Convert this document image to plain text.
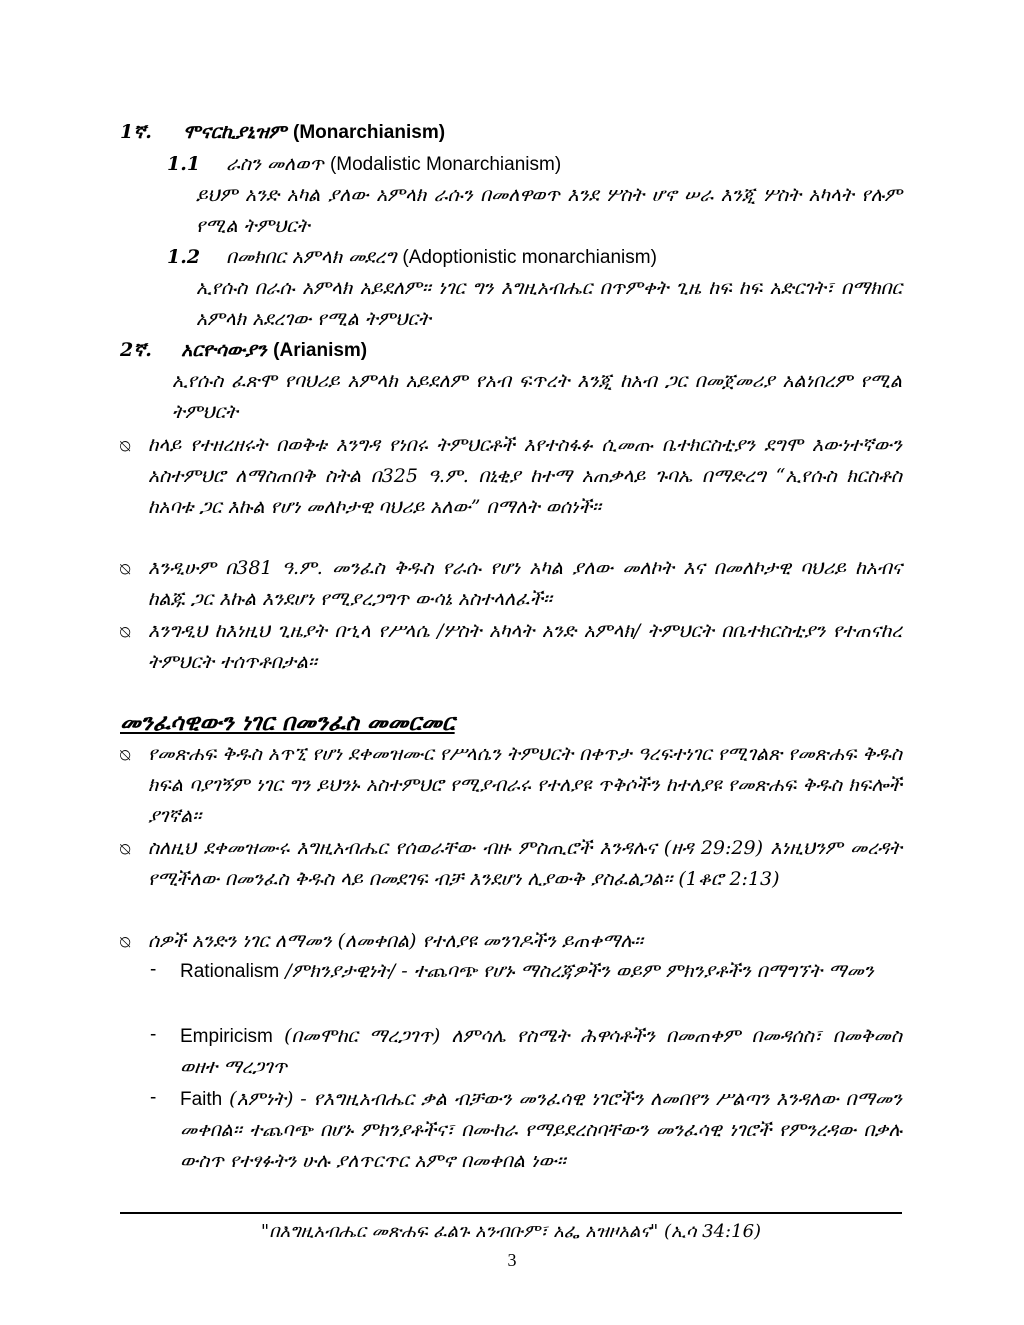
1ኛ. ሞናርኪያኒዝም (Monarchianism)
1.1 ራስን መለወጥ (Modalistic Monarchianism)
ይህም አንድ አካል ያለው አምላክ ራሱን በመለዋወጥ እንደ ሦስት ሆኖ ሠራ እንጂ ሦስት አካላት የሉም የሚል ትምህርት
1.2 በመክበር አምላክ መደረግ (Adoptionistic monarchianism)
ኢየሱስ በራሱ አምላክ አይደለም፡፡ ነገር ግን እግዚአብሔር በጥምቀት ጊዜ ከፍ ከፍ አድርገት፣ በማክበር አምላክ አደረገው የሚል ትምህርት
2ኛ. አርዮሳውያን (Arianism)
ኢየሱስ ፈጽሞ የባህሪይ አምላክ አይደለም የአብ ፍጥረት እንጂ ከአብ ጋር በመጀመሪያ አልነበረም የሚል ትምህርት
⍉ ከላይ የተዘረዘሩት በወቅቱ እንግዳ የነበሩ ትምህርቶች እየተስፋፉ ሲመጡ ቤተክርስቲያን ደግሞ እውነተኛውን አስተምህሮ ለማስጠበቅ ስትል በ325 ዓ.ም. በኒቂያ ከተማ አጠቃላይ ጉባኤ በማድረግ “ኢየሱስ ክርስቶስ ከአባቱ ጋር እኩል የሆነ መለኮታዊ ባህሪይ አለው” በማለት ወሰነች፡፡
⍉ እንዲሁም በ381 ዓ.ም. መንፈስ ቅዱስ የራሱ የሆነ አካል ያለው መለኮት እና በመለኮታዊ ባህሪይ ከአብና ከልጁ ጋር እኩል እንደሆነ የሚያረጋግጥ ውሳኔ አስተላለፈች፡፡
⍉ እንግዲህ ከእነዚህ ጊዜያት በኂላ የሥላሴ /ሦስት አካላት አንድ አምላክ/ ትምህርት በቤተክርስቲያን የተጠናከረ ትምህርት ተሰጥቶበታል፡፡
መንፈሳዊውን ነገር በመንፈስ መመርመር
⍉ የመጽሐፍ ቅዱስ አጥኚ የሆነ ደቀመዝሙር የሥላሴን ትምህርት በቀጥታ ዓረፍተነገር የሚገልጽ የመጽሐፍ ቅዱስ ክፍል ባያገኝም ነገር ግን ይህንኑ አስተምህሮ የሚያብራሩ የተለያዩ ጥቅሶችን ከተለያዩ የመጽሐፍ ቅዱስ ክፍሎች ያገኛል፡፡
⍉ ስለዚህ ደቀመዝሙሩ እግዚአብሔር የሰወራቸው ብዙ ምስጢሮች እንዳሉና (ዘዳ 29:29) እነዚህንም መረዳት የሚችለው በመንፈስ ቅዱስ ላይ በመደገፍ ብቻ እንደሆነ ሊያውቅ ያስፈልጋል፡፡ (1ቆሮ 2:13)
⍉ ሰዎች አንድን ነገር ለማመን (ለመቀበል) የተለያዩ መንገዶችን ይጠቀማሉ፡፡
- Rationalism /ምክንያታዊነት/ - ተጨባጭ የሆኑ ማስረጃዎችን ወይም ምክንያቶችን በማግኘት ማመን
- Empiricism (በመሞከር ማረጋገጥ) ለምሳሌ የስሜት ሕዋሳቶችን በመጠቀም በመዳሰስ፣ በመቅመስ ወዘተ ማረጋገጥ
- Faith (እምነት) - የእግዚአብሔር ቃል ብቻውን መንፈሳዊ ነገሮችን ለመበየን ሥልጣን እንዳለው በማመን መቀበል፡፡ ተጨባጭ በሆኑ ምክንያቶችና፣ በሙከራ የማይደረስባቸውን መንፈሳዊ ነገሮች የምንረዳው በቃሉ ውስጥ የተፃፉትን ሁሉ ያለጥርጥር አምኖ በመቀበል ነው፡፡
"በእግዚአብሔር መጽሐፍ ፈልጉ አንብቡም፣ አፌ አዝዞአልና" (ኢሳ 34:16)
3
